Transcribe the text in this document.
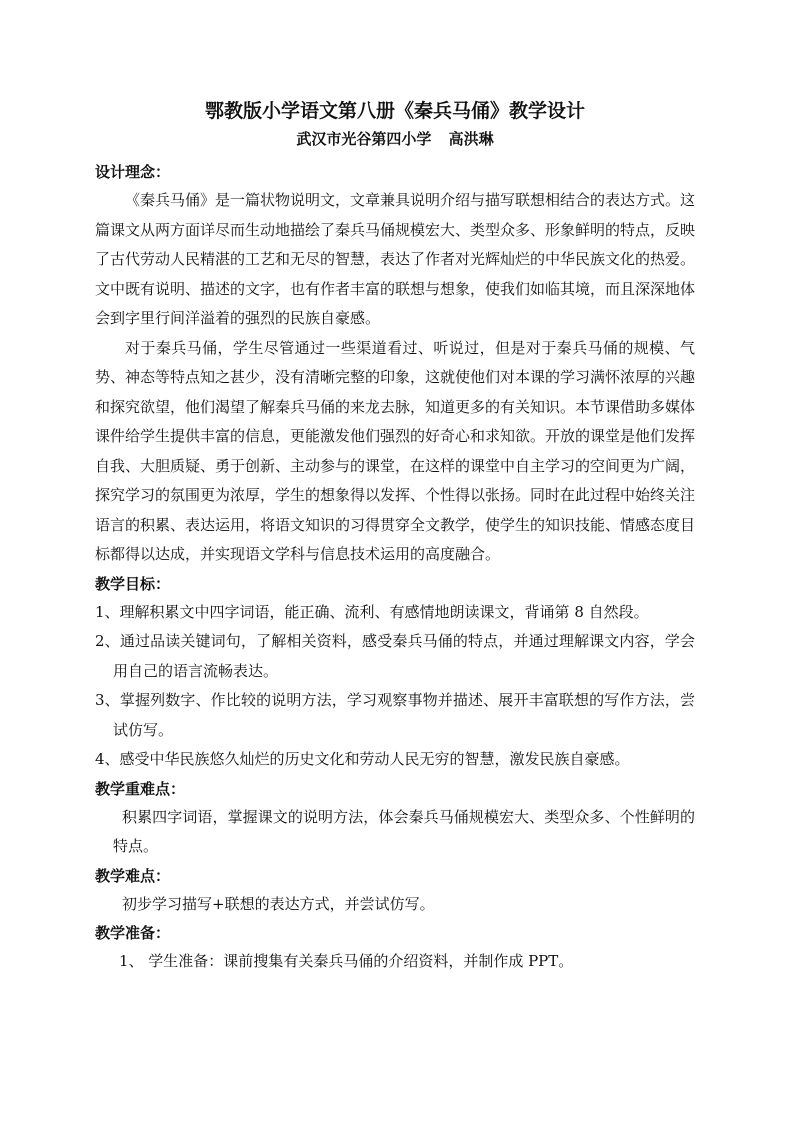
鄂教版小学语文第八册《秦兵马俑》教学设计
武汉市光谷第四小学 高洪琳
设计理念：

《秦兵马俑》是一篇状物说明文，文章兼具说明介绍与描写联想相结合的表达方式。这篇课文从两方面详尽而生动地描绘了秦兵马俑规模宏大、类型众多、形象鲜明的特点，反映了古代劳动人民精湛的工艺和无尽的智慧，表达了作者对光辉灿烂的中华民族文化的热爱。文中既有说明、描述的文字，也有作者丰富的联想与想象，使我们如临其境，而且深深地体会到字里行间洋溢着的强烈的民族自豪感。

对于秦兵马俑，学生尽管通过一些渠道看过、听说过，但是对于秦兵马俑的规模、气势、神态等特点知之甚少，没有清晰完整的印象，这就使他们对本课的学习满怀浓厚的兴趣和探究欲望，他们渴望了解秦兵马俑的来龙去脉，知道更多的有关知识。本节课借助多媒体课件给学生提供丰富的信息，更能激发他们强烈的好奇心和求知欲。开放的课堂是他们发挥自我、大胆质疑、勇于创新、主动参与的课堂，在这样的课堂中自主学习的空间更为广阔，探究学习的氛围更为浓厚，学生的想象得以发挥、个性得以张扬。同时在此过程中始终关注语言的积累、表达运用，将语文知识的习得贯穿全文教学，使学生的知识技能、情感态度目标都得以达成，并实现语文学科与信息技术运用的高度融合。

教学目标：

1、理解积累文中四字词语，能正确、流利、有感情地朗读课文，背诵第 8 自然段。

2、通过品读关键词句，了解相关资料，感受秦兵马俑的特点，并通过理解课文内容，学会用自己的语言流畅表达。

3、掌握列数字、作比较的说明方法，学习观察事物并描述、展开丰富联想的写作方法，尝试仿写。

4、感受中华民族悠久灿烂的历史文化和劳动人民无穷的智慧，激发民族自豪感。

教学重难点：

积累四字词语，掌握课文的说明方法，体会秦兵马俑规模宏大、类型众多、个性鲜明的特点。

教学难点：

初步学习描写+联想的表达方式，并尝试仿写。

教学准备：

1、 学生准备：课前搜集有关秦兵马俑的介绍资料，并制作成 PPT。
